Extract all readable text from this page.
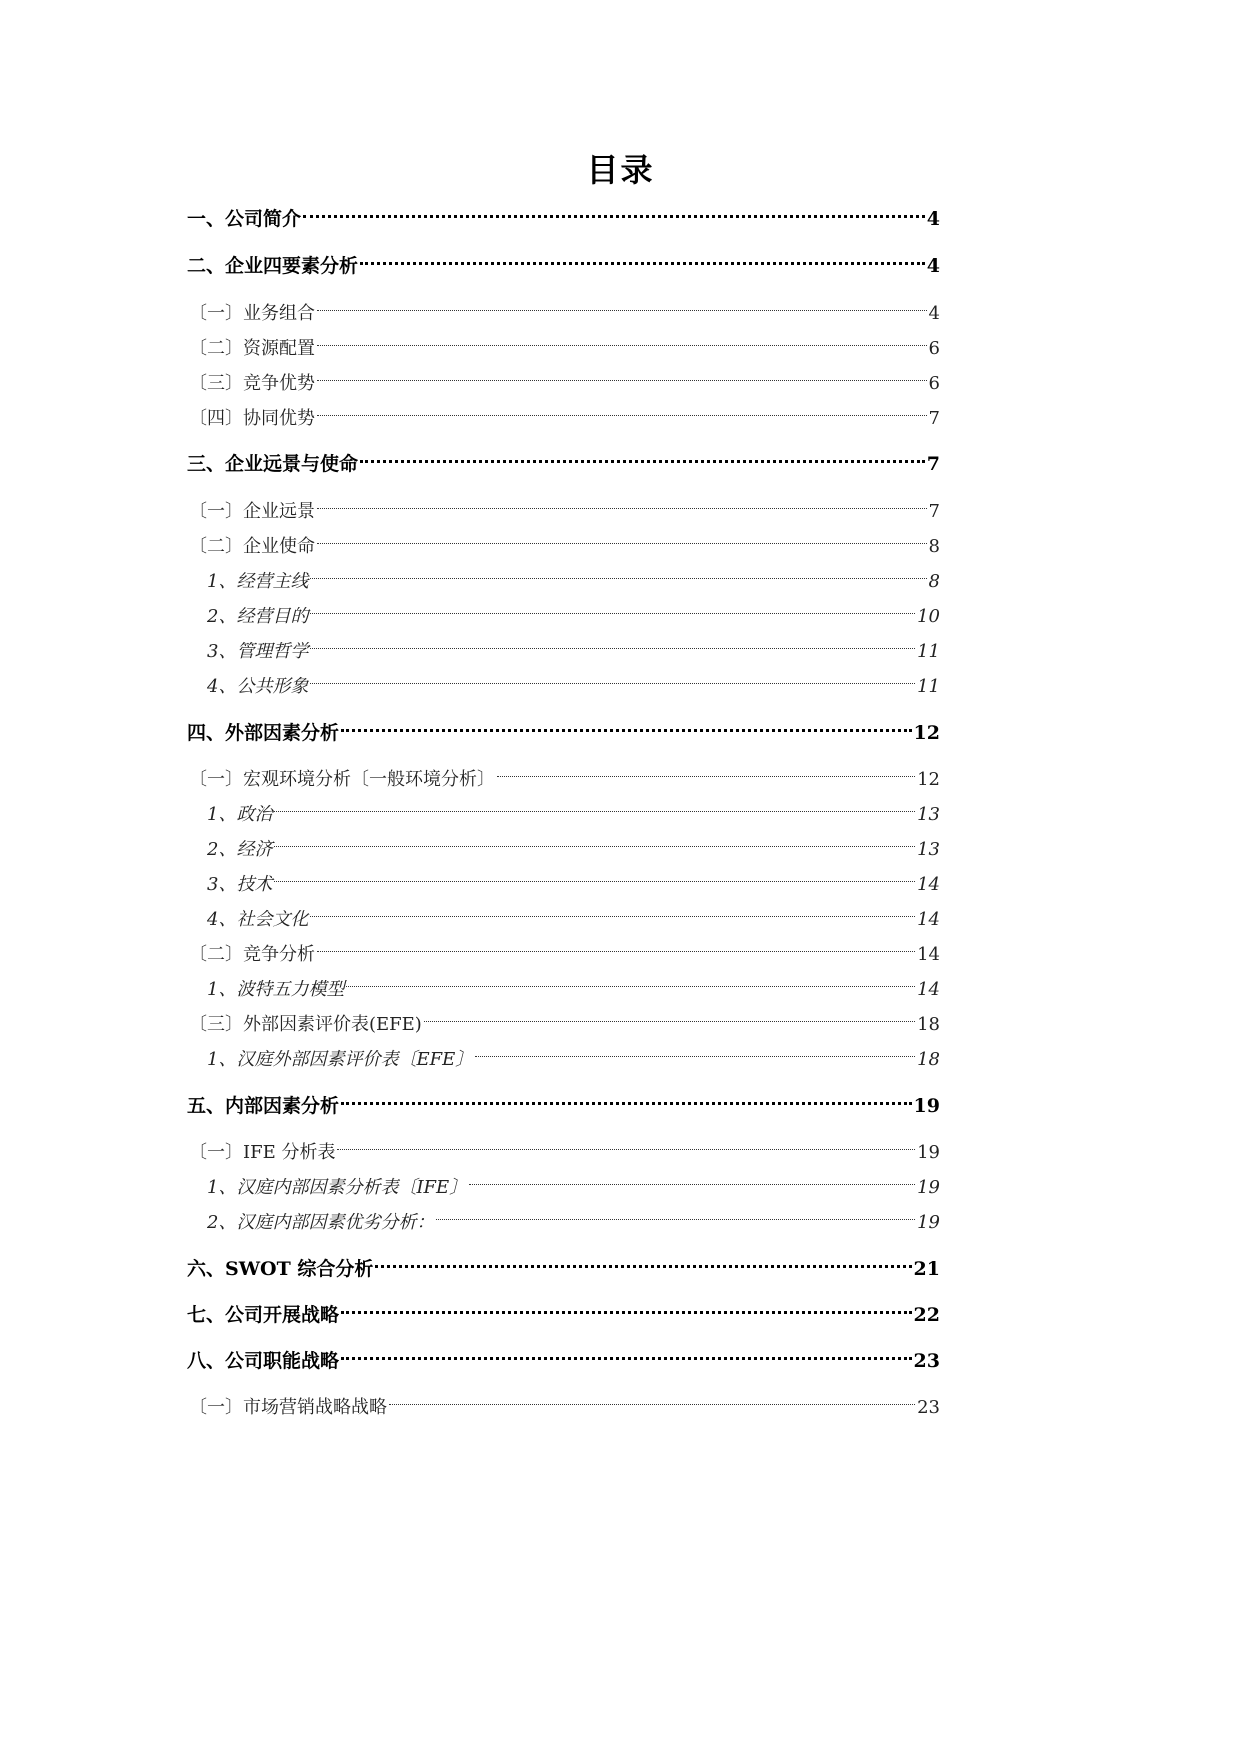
目录
一、公司简介	4
二、企业四要素分析	4
〔一〕业务组合	4
〔二〕资源配置	6
〔三〕竞争优势	6
〔四〕协同优势	7
三、企业远景与使命	7
〔一〕企业远景	7
〔二〕企业使命	8
1、经营主线	8
2、经营目的	10
3、管理哲学	11
4、公共形象	11
四、外部因素分析	12
〔一〕宏观环境分析〔一般环境分析〕	12
1、政治	13
2、经济	13
3、技术	14
4、社会文化	14
〔二〕竞争分析	14
1、波特五力模型	14
〔三〕外部因素评价表(EFE)	18
1、汉庭外部因素评价表〔EFE〕	18
五、内部因素分析	19
〔一〕IFE 分析表	19
1、汉庭内部因素分析表〔IFE〕	19
2、汉庭内部因素优劣分析：	19
六、SWOT 综合分析	21
七、公司开展战略	22
八、公司职能战略	23
〔一〕市场营销战略战略	23
